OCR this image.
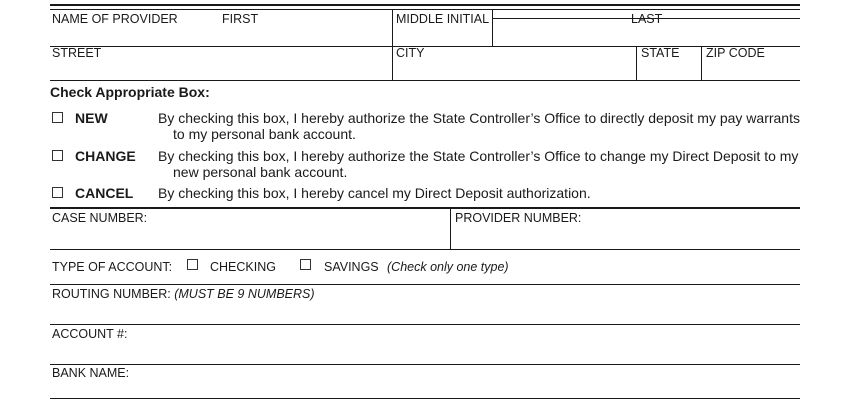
NAME OF PROVIDER	FIRST	MIDDLE INITIAL	LAST
STREET	CITY	STATE ZIP CODE
Check Appropriate Box:
NEW	By checking this box, I hereby authorize the State Controller’s Office to directly deposit my pay warrants
to my personal bank account.
CHANGE By checking this box, I hereby authorize the State Controller’s Office to change my Direct Deposit to my
new personal bank account.
CANCEL By checking this box, I hereby cancel my Direct Deposit authorization.
CASE NUMBER:	PROVIDER NUMBER:
TYPE OF ACCOUNT:	CHECKING	SAVINGS (Check only one type)
ROUTING NUMBER: (MUST BE 9 NUMBERS)
ACCOUNT #:
BANK NAME:
